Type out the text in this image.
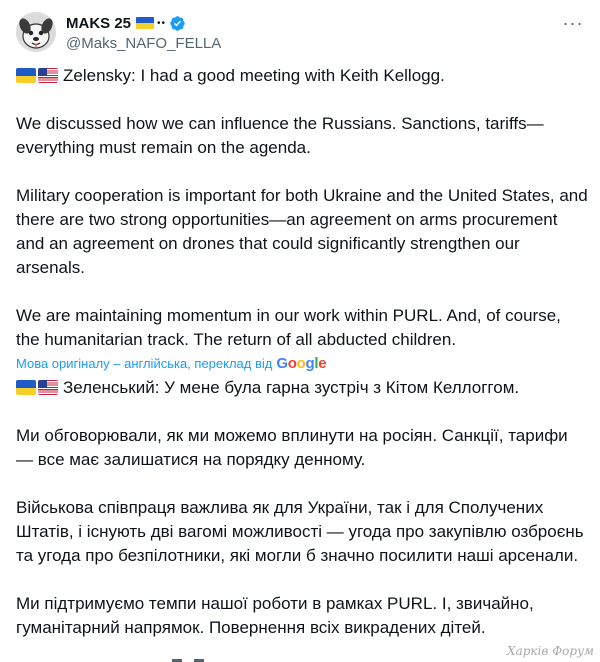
MAKS 25	••
@Maks_NAFO_FELLA
···

Zelensky: I had a good meeting with Keith Kellogg.

We discussed how we can influence the Russians. Sanctions, tariffs—everything must remain on the agenda.

Military cooperation is important for both Ukraine and the United States, and there are two strong opportunities—an agreement on arms procurement and an agreement on drones that could significantly strengthen our arsenals.

We are maintaining momentum in our work within PURL. And, of course, the humanitarian track. The return of all abducted children.

Мова оригіналу – англійська, переклад від Google

Зеленський: У мене була гарна зустріч з Кітом Келлоггом.

Ми обговорювали, як ми можемо вплинути на росіян. Санкції, тарифи — все має залишатися на порядку денному.

Військова співпраця важлива як для України, так і для Сполучених Штатів, і існують дві вагомі можливості — угода про закупівлю озброєнь та угода про безпілотники, які могли б значно посилити наші арсенали.

Ми підтримуємо темпи нашої роботи в рамках PURL. І, звичайно, гуманітарний напрямок. Повернення всіх викрадених дітей.

Харків Форум
